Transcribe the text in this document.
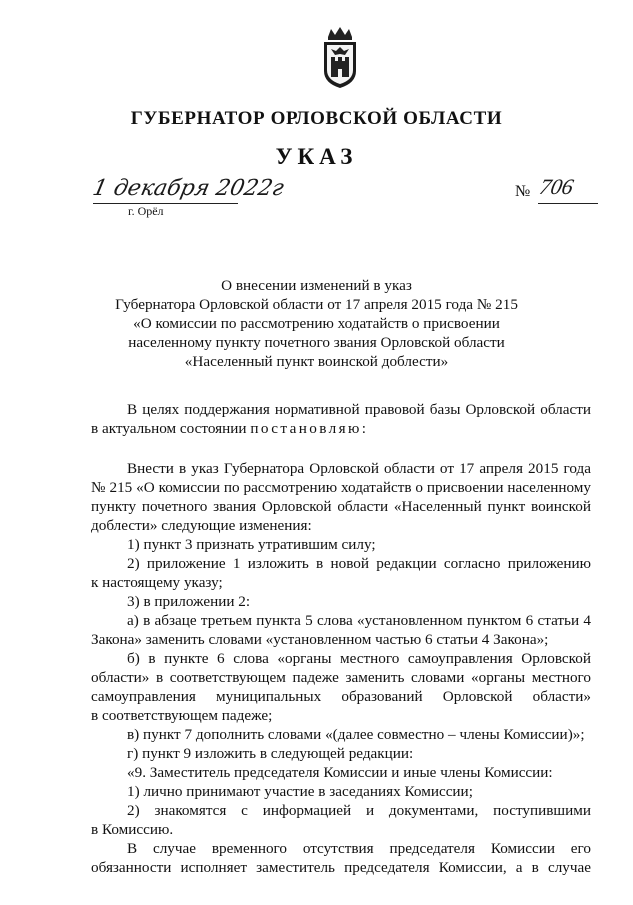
ГУБЕРНАТОР ОРЛОВСКОЙ ОБЛАСТИ
УКАЗ
1 декабря 2022г
г. Орёл
№ 706
О внесении изменений в указ
Губернатора Орловской области от 17 апреля 2015 года № 215
«О комиссии по рассмотрению ходатайств о присвоении
населенному пункту почетного звания Орловской области
«Населенный пункт воинской доблести»
В целях поддержания нормативной правовой базы Орловской области
в актуальном состоянии постановляю:
Внести в указ Губернатора Орловской области от 17 апреля 2015 года
№ 215 «О комиссии по рассмотрению ходатайств о присвоении населенному
пункту почетного звания Орловской области «Населенный пункт воинской
доблести» следующие изменения:
1) пункт 3 признать утратившим силу;
2) приложение 1 изложить в новой редакции согласно приложению
к настоящему указу;
3) в приложении 2:
а) в абзаце третьем пункта 5 слова «установленном пунктом 6 статьи 4
Закона» заменить словами «установленном частью 6 статьи 4 Закона»;
б) в пункте 6 слова «органы местного самоуправления Орловской
области» в соответствующем падеже заменить словами «органы местного
самоуправления муниципальных образований Орловской области»
в соответствующем падеже;
в) пункт 7 дополнить словами «(далее совместно – члены Комиссии)»;
г) пункт 9 изложить в следующей редакции:
«9. Заместитель председателя Комиссии и иные члены Комиссии:
1) лично принимают участие в заседаниях Комиссии;
2) знакомятся с информацией и документами, поступившими
в Комиссию.
В случае временного отсутствия председателя Комиссии его
обязанности исполняет заместитель председателя Комиссии, а в случае
